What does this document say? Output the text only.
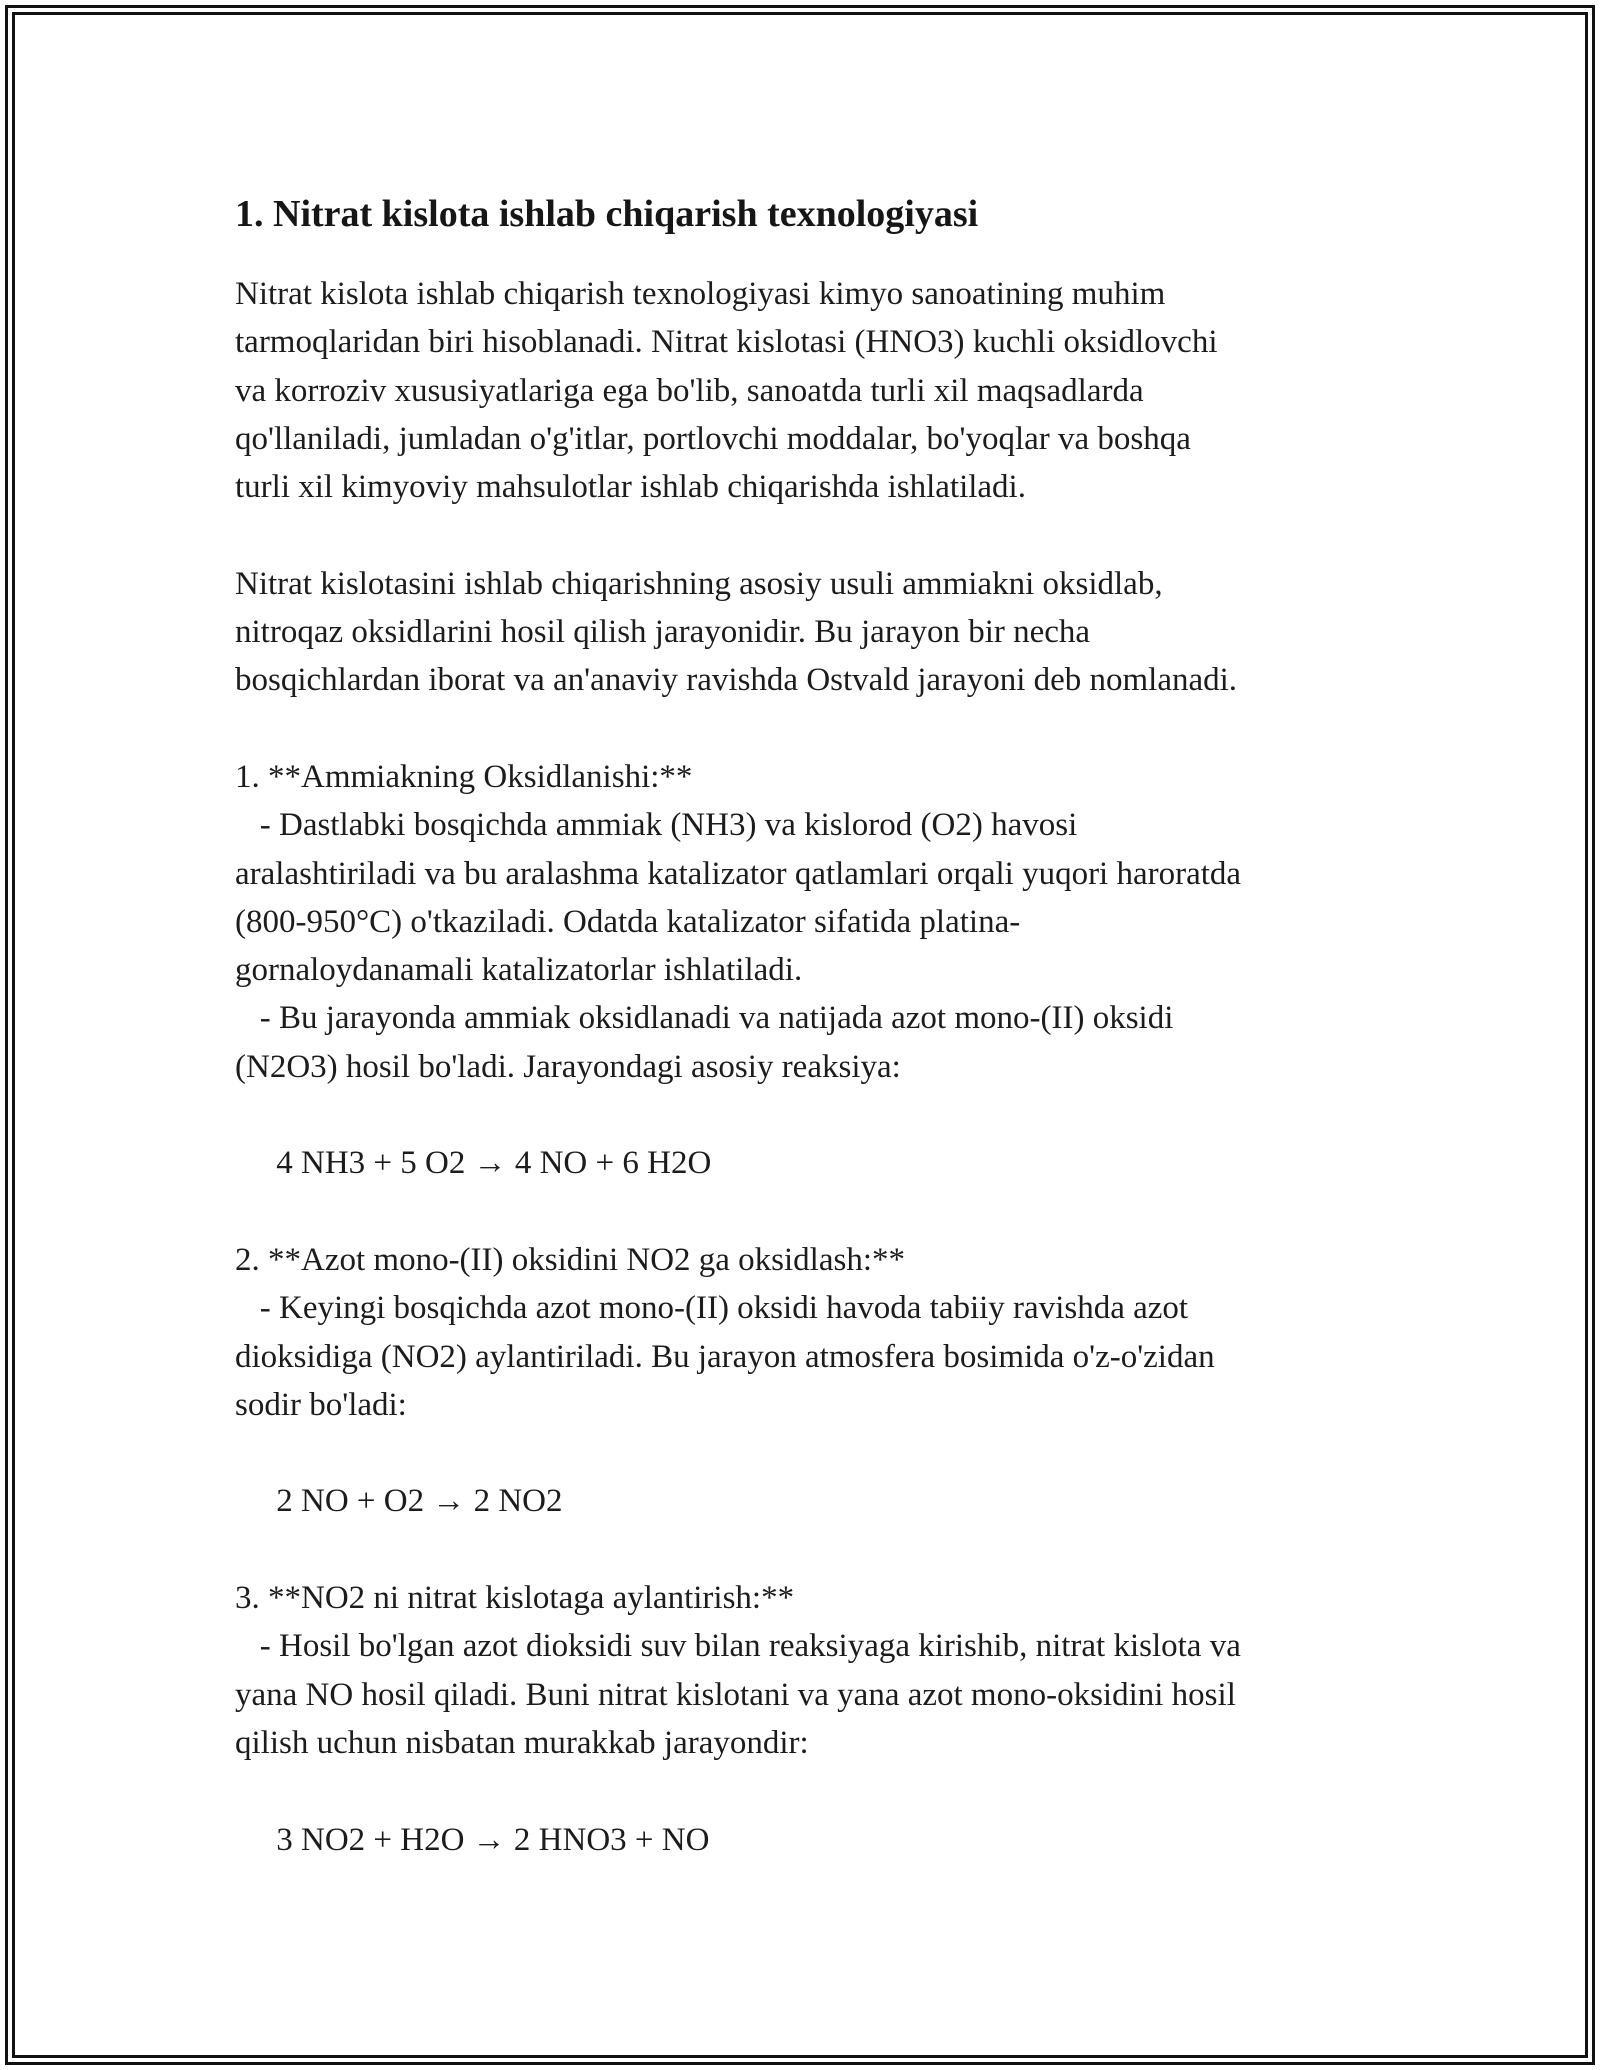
1. Nitrat kislota ishlab chiqarish texnologiyasi
Nitrat kislota ishlab chiqarish texnologiyasi kimyo sanoatining muhim
tarmoqlaridan biri hisoblanadi. Nitrat kislotasi (HNO3) kuchli oksidlovchi
va korroziv xususiyatlariga ega bo'lib, sanoatda turli xil maqsadlarda
qo'llaniladi, jumladan o'g'itlar, portlovchi moddalar, bo'yoqlar va boshqa
turli xil kimyoviy mahsulotlar ishlab chiqarishda ishlatiladi.

Nitrat kislotasini ishlab chiqarishning asosiy usuli ammiakni oksidlab,
nitroqaz oksidlarini hosil qilish jarayonidir. Bu jarayon bir necha
bosqichlardan iborat va an'anaviy ravishda Ostvald jarayoni deb nomlanadi.

1. **Ammiakning Oksidlanishi:**
- Dastlabki bosqichda ammiak (NH3) va kislorod (O2) havosi
aralashtiriladi va bu aralashma katalizator qatlamlari orqali yuqori haroratda
(800-950°C) o'tkaziladi. Odatda katalizator sifatida platina-
gornaloydanamali katalizatorlar ishlatiladi.
- Bu jarayonda ammiak oksidlanadi va natijada azot mono-(II) oksidi
(N2O3) hosil bo'ladi. Jarayondagi asosiy reaksiya:

4 NH3 + 5 O2 → 4 NO + 6 H2O

2. **Azot mono-(II) oksidini NO2 ga oksidlash:**
- Keyingi bosqichda azot mono-(II) oksidi havoda tabiiy ravishda azot
dioksidiga (NO2) aylantiriladi. Bu jarayon atmosfera bosimida o'z-o'zidan
sodir bo'ladi:

2 NO + O2 → 2 NO2

3. **NO2 ni nitrat kislotaga aylantirish:**
- Hosil bo'lgan azot dioksidi suv bilan reaksiyaga kirishib, nitrat kislota va
yana NO hosil qiladi. Buni nitrat kislotani va yana azot mono-oksidini hosil
qilish uchun nisbatan murakkab jarayondir:

3 NO2 + H2O → 2 HNO3 + NO
